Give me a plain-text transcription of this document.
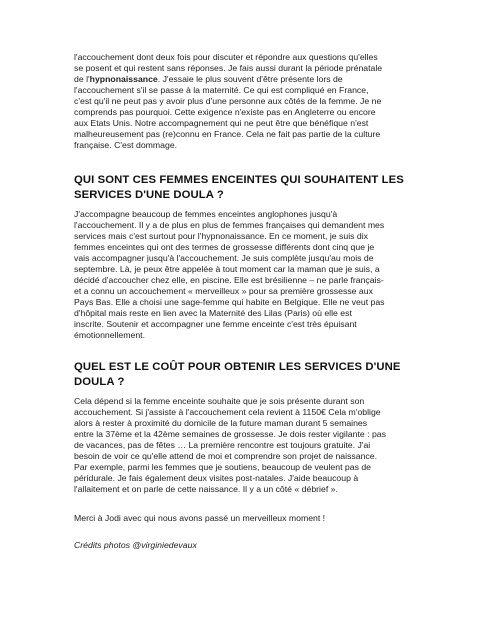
l'accouchement dont deux fois pour discuter et répondre aux questions qu'elles
se posent et qui restent sans réponses. Je fais aussi durant la période prénatale
de l'hypnonaissance. J'essaie le plus souvent d'être présente lors de
l'accouchement s'il se passe à la maternité. Ce qui est compliqué en France,
c'est qu'il ne peut pas y avoir plus d'une personne aux côtés de la femme. Je ne
comprends pas pourquoi. Cette exigence n'existe pas en Angleterre ou encore
aux Etats Unis. Notre accompagnement qui ne peut être que bénéfique n'est
malheureusement pas (re)connu en France. Cela ne fait pas partie de la culture
française. C'est dommage.
QUI SONT CES FEMMES ENCEINTES QUI SOUHAITENT LES
SERVICES D'UNE DOULA ?
J'accompagne beaucoup de femmes enceintes anglophones jusqu'à
l'accouchement. Il y a de plus en plus de femmes françaises qui demandent mes
services mais c'est surtout pour l'hypnonaissance. En ce moment, je suis dix
femmes enceintes qui ont des termes de grossesse différents dont cinq que je
vais accompagner jusqu'à l'accouchement. Je suis complète jusqu'au mois de
septembre. Là, je peux être appelée à tout moment car la maman que je suis, a
décidé d'accoucher chez elle, en piscine. Elle est brésilienne – ne parle français-
et a connu un accouchement « merveilleux » pour sa première grossesse aux
Pays Bas. Elle a choisi une sage-femme qui habite en Belgique. Elle ne veut pas
d'hôpital mais reste en lien avec la Maternité des Lilas (Paris) où elle est
inscrite. Soutenir et accompagner une femme enceinte c'est très épuisant
émotionnellement.
QUEL EST LE COÛT POUR OBTENIR LES SERVICES D'UNE
DOULA ?
Cela dépend si la femme enceinte souhaite que je sois présente durant son
accouchement. Si j'assiste à l'accouchement cela revient à 1150€ Cela m'oblige
alors à rester à proximité du domicile de la future maman durant 5 semaines
entre la 37ème et la 42ème semaines de grossesse. Je dois rester vigilante : pas
de vacances, pas de fêtes … La première rencontre est toujours gratuite. J'ai
besoin de voir ce qu'elle attend de moi et comprendre son projet de naissance.
Par exemple, parmi les femmes que je soutiens, beaucoup de veulent pas de
péridurale. Je fais également deux visites post-natales. J'aide beaucoup à
l'allaitement et on parle de cette naissance. Il y a un côté « débrief ».
Merci à Jodi avec qui nous avons passé un merveilleux moment !
Crédits photos @virginiedevaux
